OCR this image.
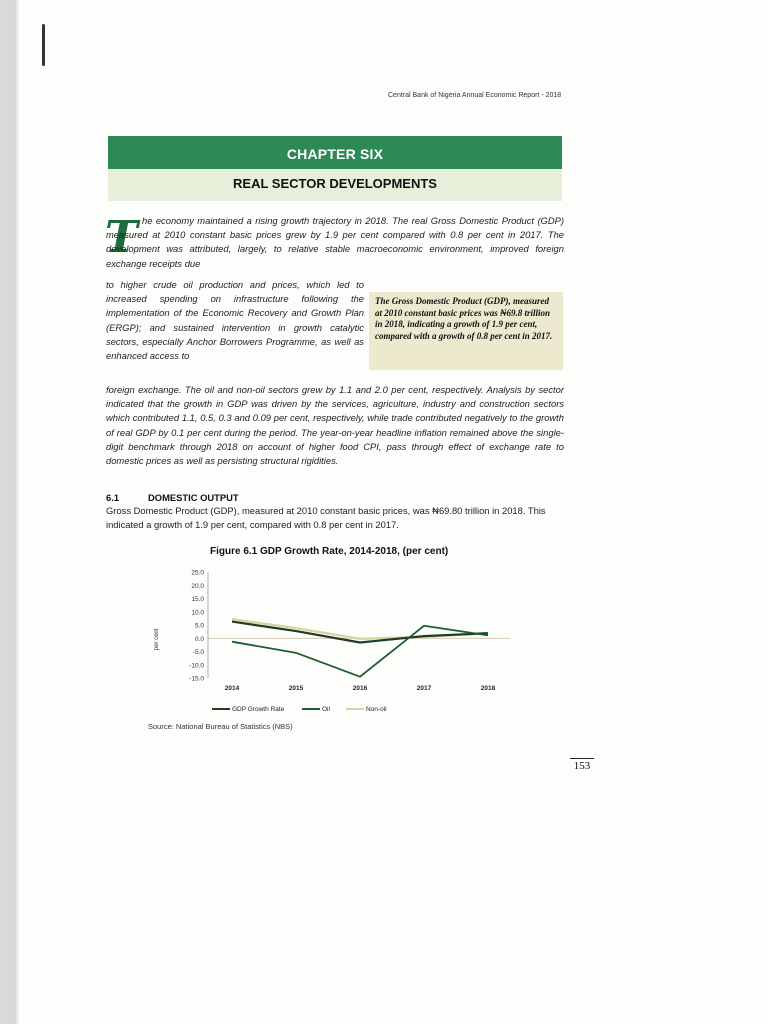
Central Bank of Nigeria Annual Economic Report - 2018
CHAPTER SIX
REAL SECTOR DEVELOPMENTS
T he economy maintained a rising growth trajectory in 2018. The real Gross Domestic Product (GDP) measured at 2010 constant basic prices grew by 1.9 per cent compared with 0.8 per cent in 2017. The development was attributed, largely, to relative stable macroeconomic environment, improved foreign exchange receipts due
to higher crude oil production and prices, which led to increased spending on infrastructure following the implementation of the Economic Recovery and Growth Plan (ERGP); and sustained intervention in growth catalytic sectors, especially Anchor Borrowers Programme, as well as enhanced access to
The Gross Domestic Product (GDP), measured at 2010 constant basic prices was ₦69.8 trillion in 2018, indicating a growth of 1.9 per cent, compared with a growth of 0.8 per cent in 2017.
foreign exchange. The oil and non-oil sectors grew by 1.1 and 2.0 per cent, respectively. Analysis by sector indicated that the growth in GDP was driven by the services, agriculture, industry and construction sectors which contributed 1.1, 0.5, 0.3 and 0.09 per cent, respectively, while trade contributed negatively to the growth of real GDP by 0.1 per cent during the period. The year-on-year headline inflation remained above the single-digit benchmark through 2018 on account of higher food CPI, pass through effect of exchange rate to domestic prices as well as persisting structural rigidities.
6.1	DOMESTIC OUTPUT
Gross Domestic Product (GDP), measured at 2010 constant basic prices, was ₦69.80 trillion in 2018. This indicated a growth of 1.9 per cent, compared with 0.8 per cent in 2017.
Figure 6.1 GDP Growth Rate, 2014-2018, (per cent)
25.0
20.0
15.0
10.0
5.0
0.0
-5.0
-10.0
-15.0
per cent
2014	2015	2016	2017	2018
GDP Growth Rate	Oil	Non-oil
Source: National Bureau of Statistics (NBS)
153
